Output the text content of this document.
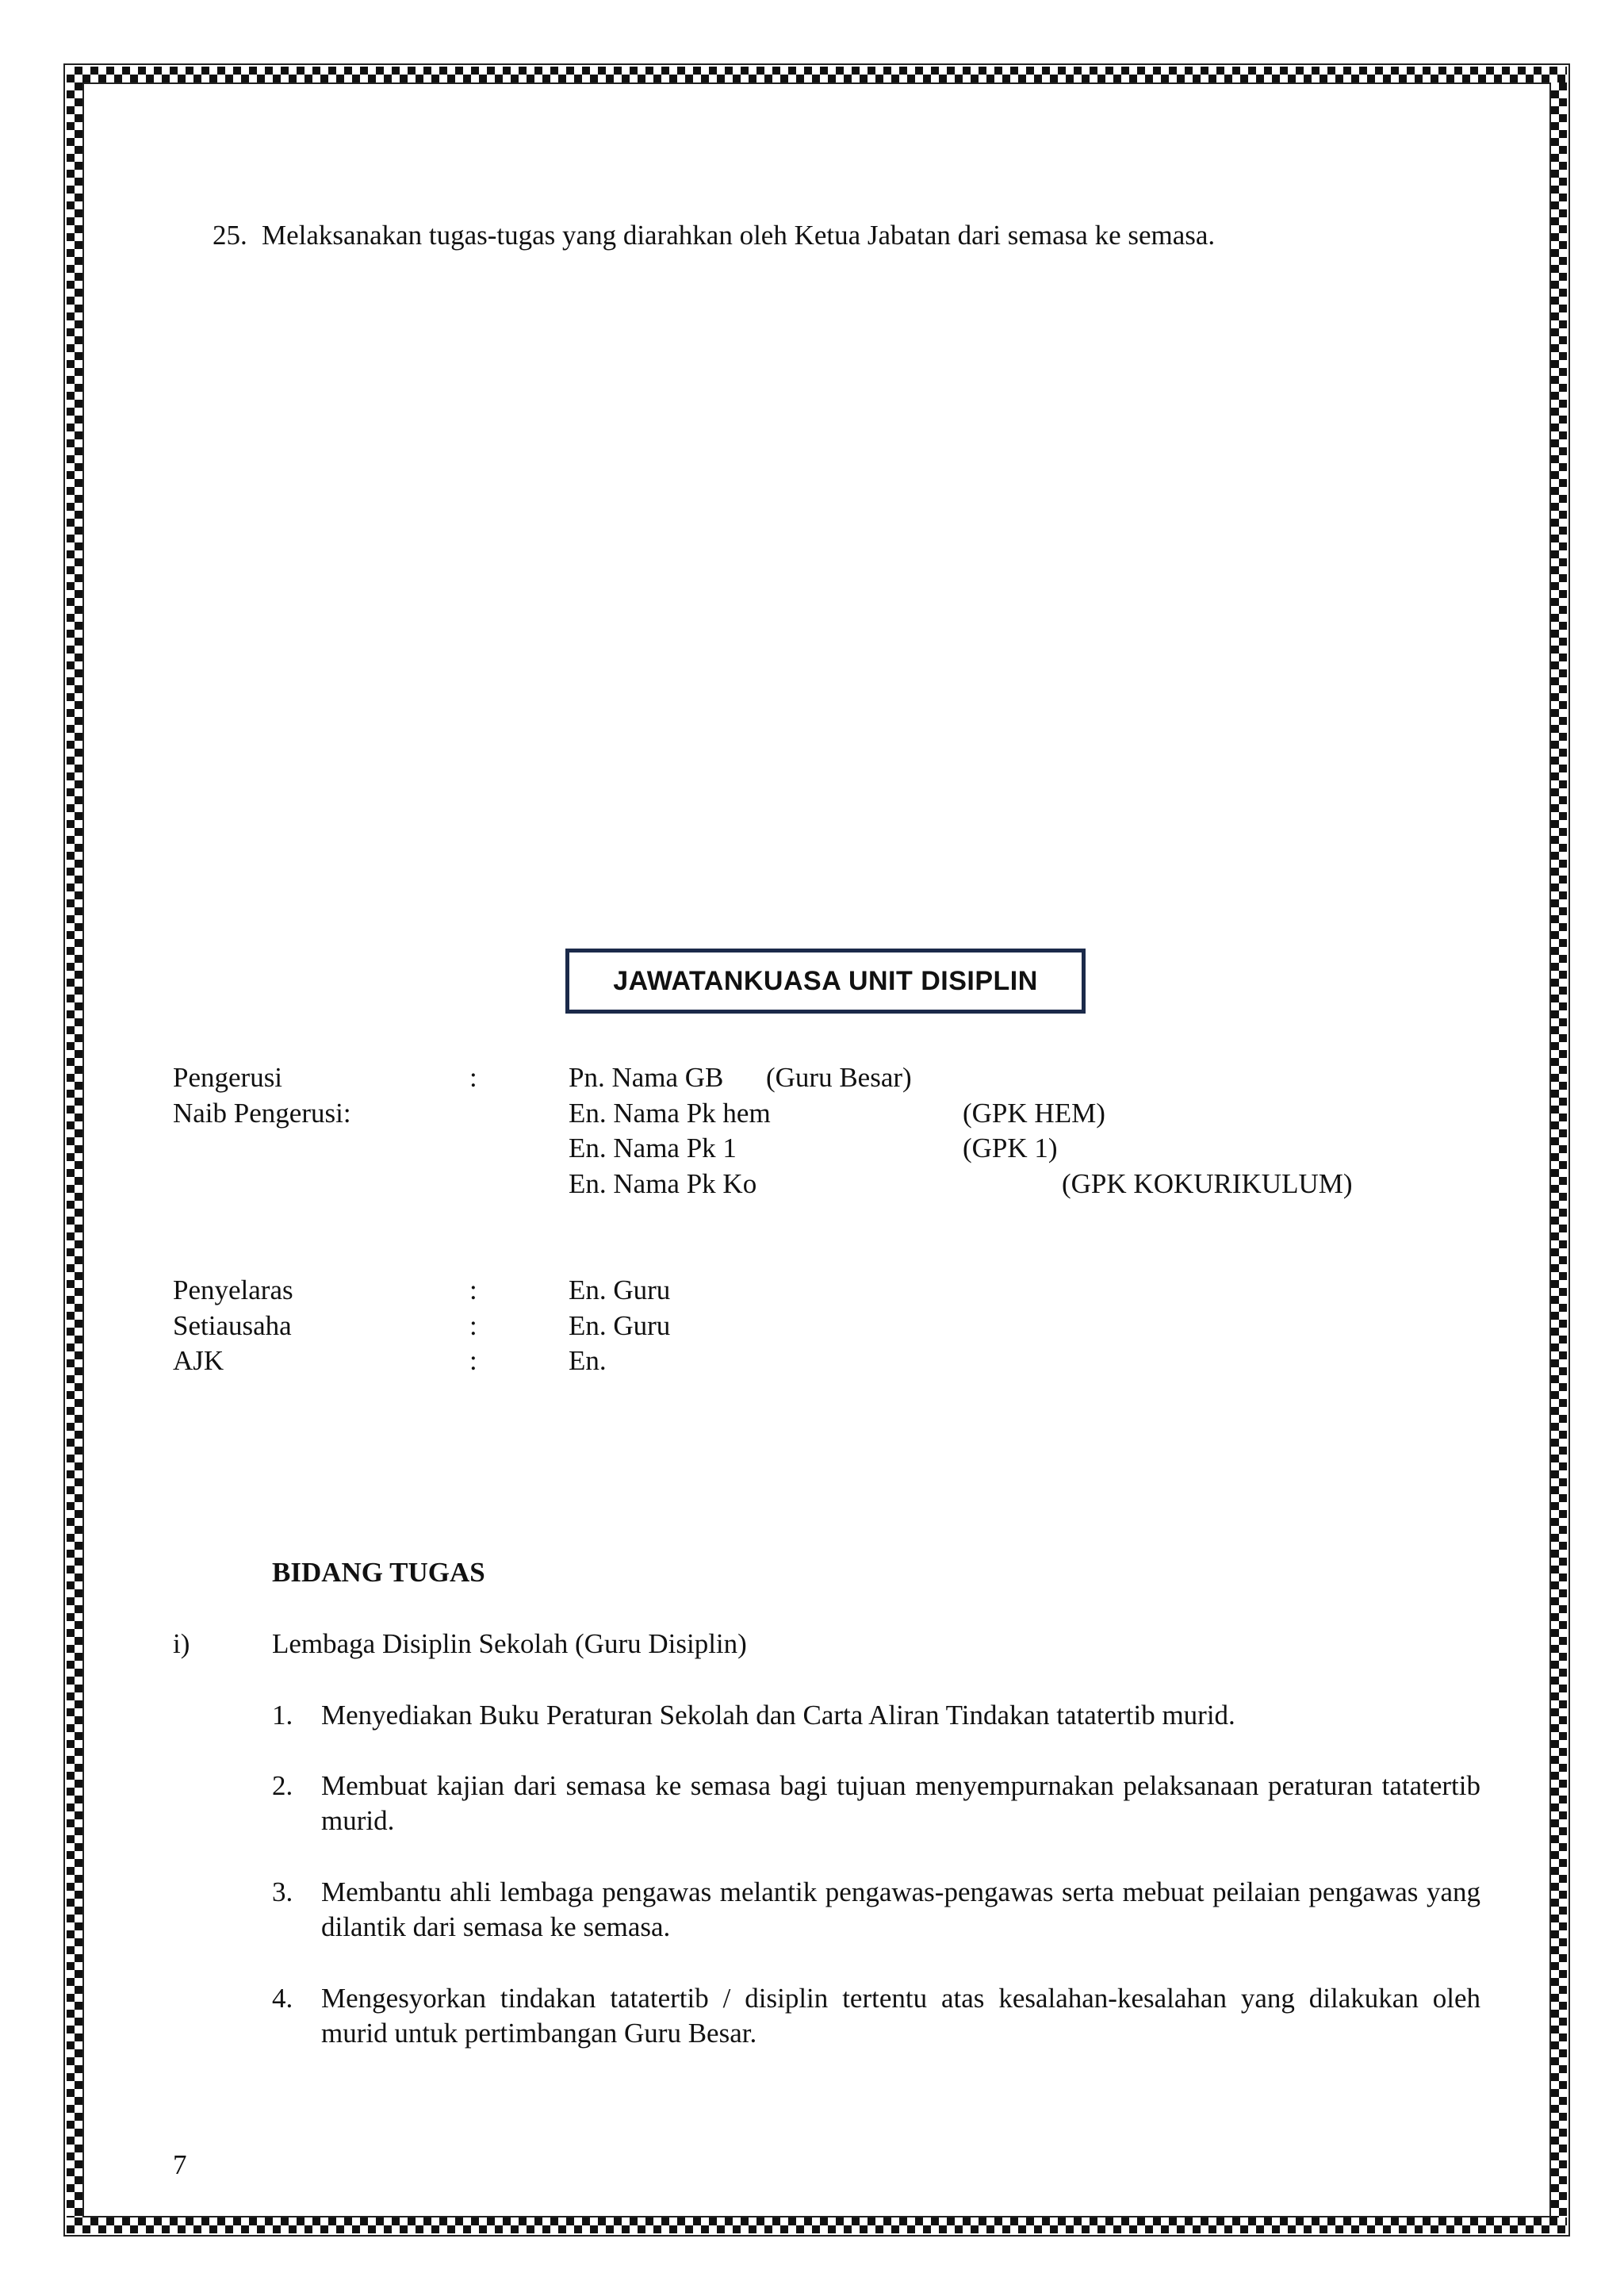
25. Melaksanakan tugas-tugas yang diarahkan oleh Ketua Jabatan dari semasa ke semasa.
JAWATANKUASA UNIT DISIPLIN
Pengerusi	:	Pn. Nama GB (Guru Besar)
Naib Pengerusi:	En. Nama Pk hem	(GPK HEM)
En. Nama Pk 1	(GPK 1)
En. Nama Pk Ko	(GPK KOKURIKULUM)
Penyelaras	:	En. Guru
Setiausaha	:	En. Guru
AJK	:	En.
BIDANG TUGAS
i)	Lembaga Disiplin Sekolah (Guru Disiplin)
1. Menyediakan Buku Peraturan Sekolah dan Carta Aliran Tindakan tatatertib murid.
2. Membuat kajian dari semasa ke semasa bagi tujuan menyempurnakan pelaksanaan peraturan tatatertib murid.
3. Membantu ahli lembaga pengawas melantik pengawas-pengawas serta mebuat peilaian pengawas yang dilantik dari semasa ke semasa.
4. Mengesyorkan tindakan tatatertib / disiplin tertentu atas kesalahan-kesalahan yang dilakukan oleh murid untuk pertimbangan Guru Besar.
7
